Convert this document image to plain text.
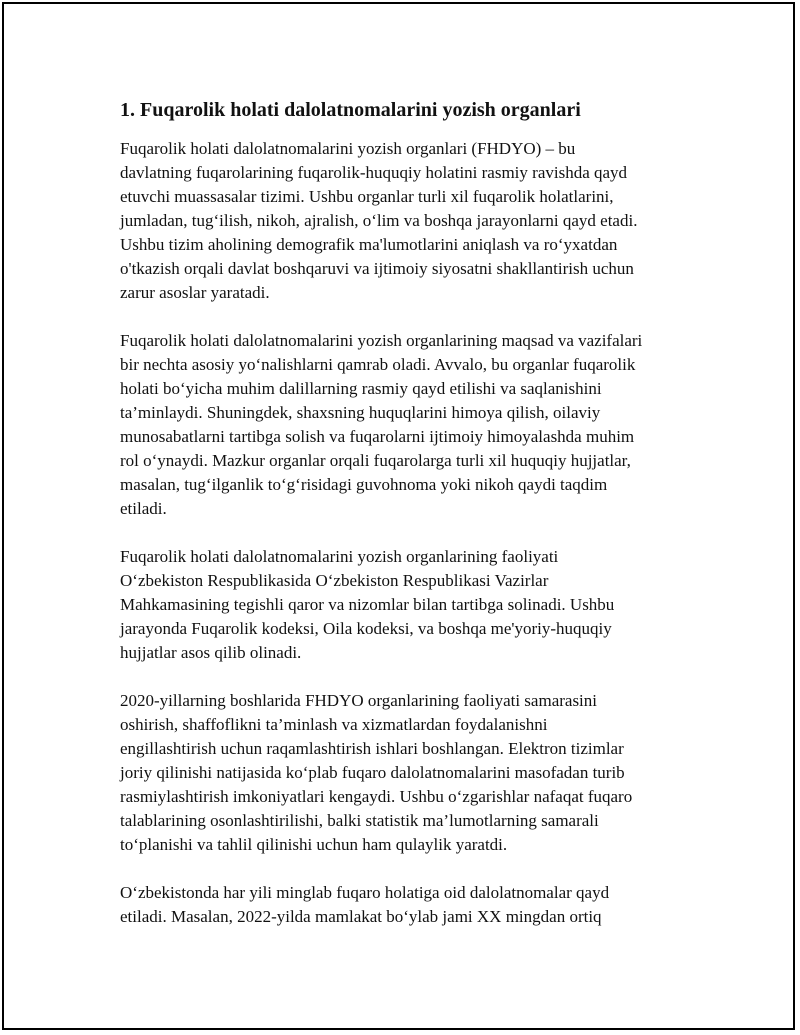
1. Fuqarolik holati dalolatnomalarini yozish organlari

Fuqarolik holati dalolatnomalarini yozish organlari (FHDYO) – bu
davlatning fuqarolarining fuqarolik-huquqiy holatini rasmiy ravishda qayd
etuvchi muassasalar tizimi. Ushbu organlar turli xil fuqarolik holatlarini,
jumladan, tug‘ilish, nikoh, ajralish, o‘lim va boshqa jarayonlarni qayd etadi.
Ushbu tizim aholining demografik ma'lumotlarini aniqlash va ro‘yxatdan
o'tkazish orqali davlat boshqaruvi va ijtimoiy siyosatni shakllantirish uchun
zarur asoslar yaratadi.

Fuqarolik holati dalolatnomalarini yozish organlarining maqsad va vazifalari
bir nechta asosiy yo‘nalishlarni qamrab oladi. Avvalo, bu organlar fuqarolik
holati bo‘yicha muhim dalillarning rasmiy qayd etilishi va saqlanishini
ta’minlaydi. Shuningdek, shaxsning huquqlarini himoya qilish, oilaviy
munosabatlarni tartibga solish va fuqarolarni ijtimoiy himoyalashda muhim
rol o‘ynaydi. Mazkur organlar orqali fuqarolarga turli xil huquqiy hujjatlar,
masalan, tug‘ilganlik to‘g‘risidagi guvohnoma yoki nikoh qaydi taqdim
etiladi.

Fuqarolik holati dalolatnomalarini yozish organlarining faoliyati
O‘zbekiston Respublikasida O‘zbekiston Respublikasi Vazirlar
Mahkamasining tegishli qaror va nizomlar bilan tartibga solinadi. Ushbu
jarayonda Fuqarolik kodeksi, Oila kodeksi, va boshqa me'yoriy-huquqiy
hujjatlar asos qilib olinadi.

2020-yillarning boshlarida FHDYO organlarining faoliyati samarasini
oshirish, shaffoflikni ta’minlash va xizmatlardan foydalanishni
engillashtirish uchun raqamlashtirish ishlari boshlangan. Elektron tizimlar
joriy qilinishi natijasida ko‘plab fuqaro dalolatnomalarini masofadan turib
rasmiylashtirish imkoniyatlari kengaydi. Ushbu o‘zgarishlar nafaqat fuqaro
talablarining osonlashtirilishi, balki statistik ma’lumotlarning samarali
to‘planishi va tahlil qilinishi uchun ham qulaylik yaratdi.

O‘zbekistonda har yili minglab fuqaro holatiga oid dalolatnomalar qayd
etiladi. Masalan, 2022-yilda mamlakat bo‘ylab jami XX mingdan ortiq
